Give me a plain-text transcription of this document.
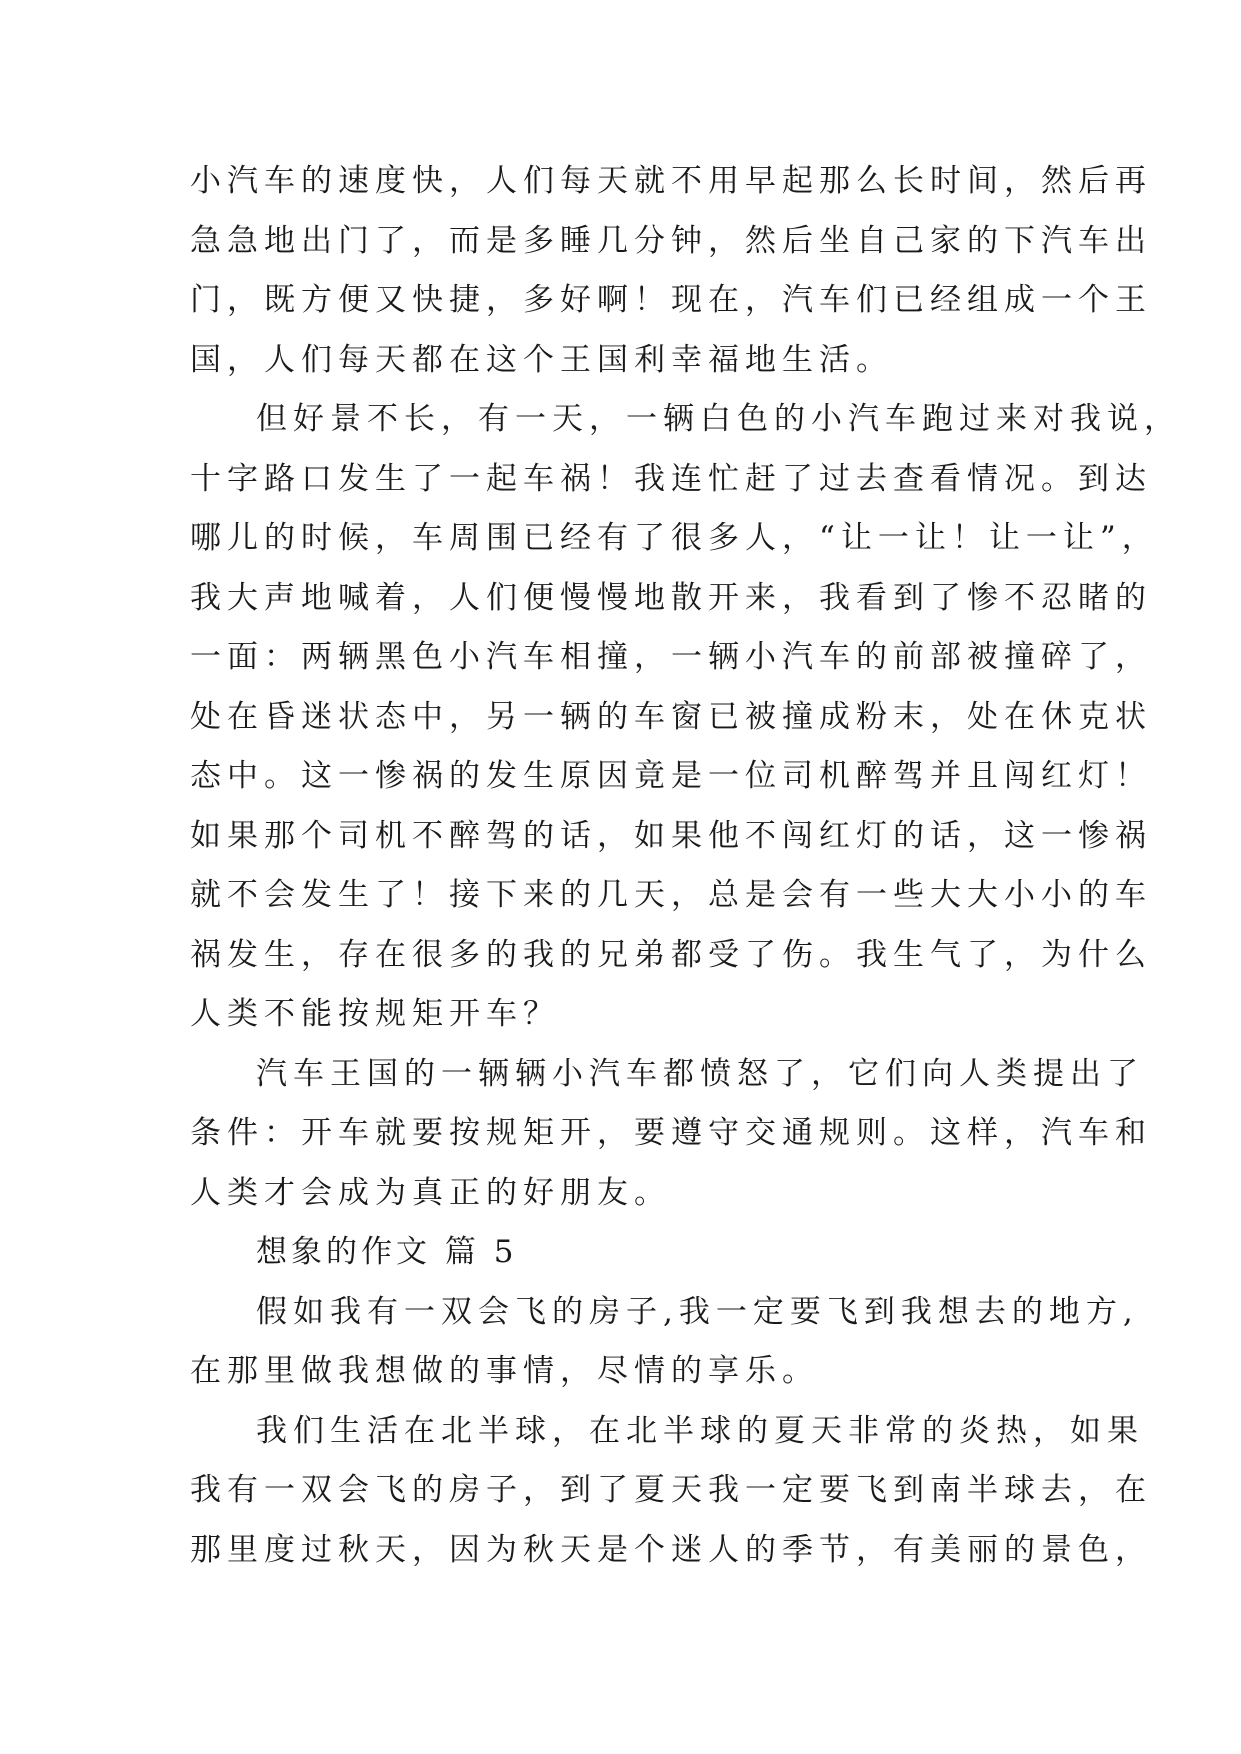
小汽车的速度快，人们每天就不用早起那么长时间，然后再
急急地出门了，而是多睡几分钟，然后坐自己家的下汽车出
门，既方便又快捷，多好啊！现在，汽车们已经组成一个王
国，人们每天都在这个王国利幸福地生活。
但好景不长，有一天，一辆白色的小汽车跑过来对我说，
十字路口发生了一起车祸！我连忙赶了过去查看情况。到达
哪儿的时候，车周围已经有了很多人，“让一让！让一让”，
我大声地喊着，人们便慢慢地散开来，我看到了惨不忍睹的
一面：两辆黑色小汽车相撞，一辆小汽车的前部被撞碎了，
处在昏迷状态中，另一辆的车窗已被撞成粉末，处在休克状
态中。这一惨祸的发生原因竟是一位司机醉驾并且闯红灯！
如果那个司机不醉驾的话，如果他不闯红灯的话，这一惨祸
就不会发生了！接下来的几天，总是会有一些大大小小的车
祸发生，存在很多的我的兄弟都受了伤。我生气了，为什么
人类不能按规矩开车？
汽车王国的一辆辆小汽车都愤怒了，它们向人类提出了
条件：开车就要按规矩开，要遵守交通规则。这样，汽车和
人类才会成为真正的好朋友。
想象的作文 篇 5
假如我有一双会飞的房子,我一定要飞到我想去的地方,
在那里做我想做的事情，尽情的享乐。
我们生活在北半球，在北半球的夏天非常的炎热，如果
我有一双会飞的房子，到了夏天我一定要飞到南半球去，在
那里度过秋天，因为秋天是个迷人的季节，有美丽的景色，
